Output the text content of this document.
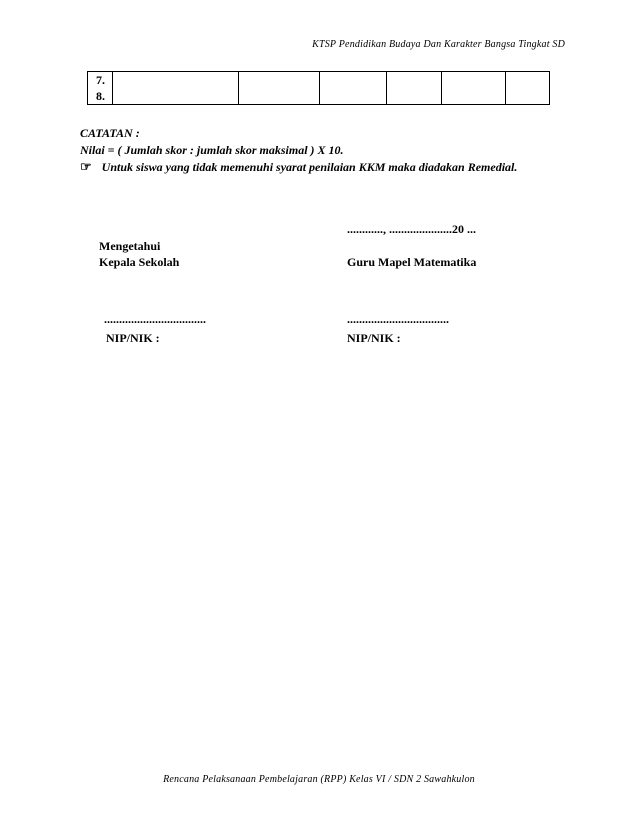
KTSP Pendidikan Budaya Dan Karakter Bangsa Tingkat SD
7.
8.

CATATAN :
Nilai = ( Jumlah skor : jumlah skor maksimal ) X 10.
☞ Untuk siswa yang tidak memenuhi syarat penilaian KKM maka diadakan Remedial.
............, .....................20 ...
Mengetahui
Kepala Sekolah	Guru Mapel Matematika
..................................	..................................
NIP/NIK :	NIP/NIK :
Rencana Pelaksanaan Pembelajaran (RPP) Kelas VI / SDN 2 Sawahkulon
